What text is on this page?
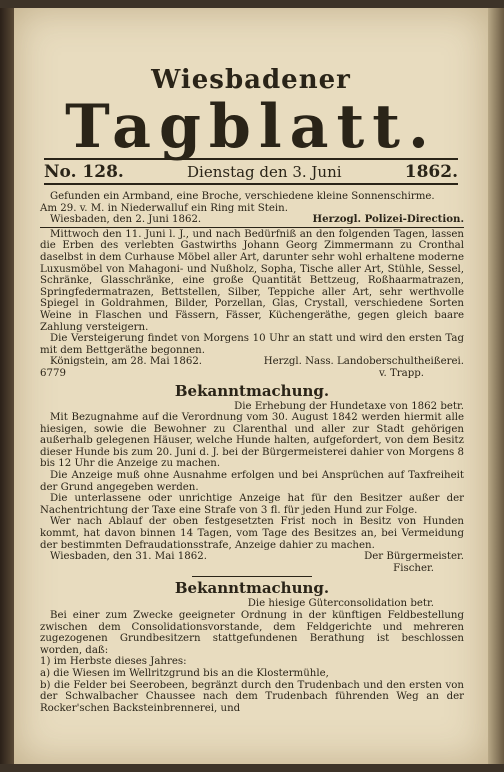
Wiesbadener
Tagblatt.
No. 128.	Dienstag den 3. Juni	1862.

Gefunden ein Armband, eine Broche, verschiedene kleine Sonnenschirme.

Am 29. v. M. in Niederwalluf ein Ring mit Stein.

Wiesbaden, den 2. Juni 1862.	Herzogl. Polizei-Direction.

Mittwoch den 11. Juni l. J., und nach Bedürfniß an den folgenden Tagen, lassen die Erben des verlebten Gastwirths Johann Georg Zimmermann zu Cronthal daselbst in dem Curhause Möbel aller Art, darunter sehr wohl erhaltene moderne Luxusmöbel von Mahagoni- und Nußholz, Sopha, Tische aller Art, Stühle, Sessel, Schränke, Glasschränke, eine große Quantität Bettzeug, Roßhaarmatrazen, Springfedermatrazen, Bettstellen, Silber, Teppiche aller Art, sehr werthvolle Spiegel in Goldrahmen, Bilder, Porzellan, Glas, Crystall, verschiedene Sorten Weine in Flaschen und Fässern, Fässer, Küchengeräthe, gegen gleich baare Zahlung versteigern.

Die Versteigerung findet von Morgens 10 Uhr an statt und wird den ersten Tag mit dem Bettgeräthe begonnen.

Königstein, am 28. Mai 1862.	Herzgl. Nass. Landoberschultheißerei.
6779	v. Trapp.
Bekanntmachung.

Die Erhebung der Hundetaxe von 1862 betr.

Mit Bezugnahme auf die Verordnung vom 30. August 1842 werden hiermit alle hiesigen, sowie die Bewohner zu Clarenthal und aller zur Stadt gehörigen außerhalb gelegenen Häuser, welche Hunde halten, aufgefordert, von dem Besitz dieser Hunde bis zum 20. Juni d. J. bei der Bürgermeisterei dahier von Morgens 8 bis 12 Uhr die Anzeige zu machen.

Die Anzeige muß ohne Ausnahme erfolgen und bei Ansprüchen auf Taxfreiheit der Grund angegeben werden.

Die unterlassene oder unrichtige Anzeige hat für den Besitzer außer der Nachentrichtung der Taxe eine Strafe von 3 fl. für jeden Hund zur Folge.

Wer nach Ablauf der oben festgesetzten Frist noch in Besitz von Hunden kommt, hat davon binnen 14 Tagen, vom Tage des Besitzes an, bei Vermeidung der bestimmten Defraudationsstrafe, Anzeige dahier zu machen.

Wiesbaden, den 31. Mai 1862.	Der Bürgermeister.

Fischer.

Bekanntmachung.

Die hiesige Güterconsolidation betr.

Bei einer zum Zwecke geeigneter Ordnung in der künftigen Feldbestellung zwischen dem Consolidationsvorstande, dem Feldgerichte und mehreren zugezogenen Grundbesitzern stattgefundenen Berathung ist beschlossen worden, daß:

1) im Herbste dieses Jahres:

a) die Wiesen im Wellritzgrund bis an die Klostermühle,

b) die Felder bei Seerobeen, begränzt durch den Trudenbach und den ersten von der Schwalbacher Chaussee nach dem Trudenbach führenden Weg an der Rocker'schen Backsteinbrennerei, und
